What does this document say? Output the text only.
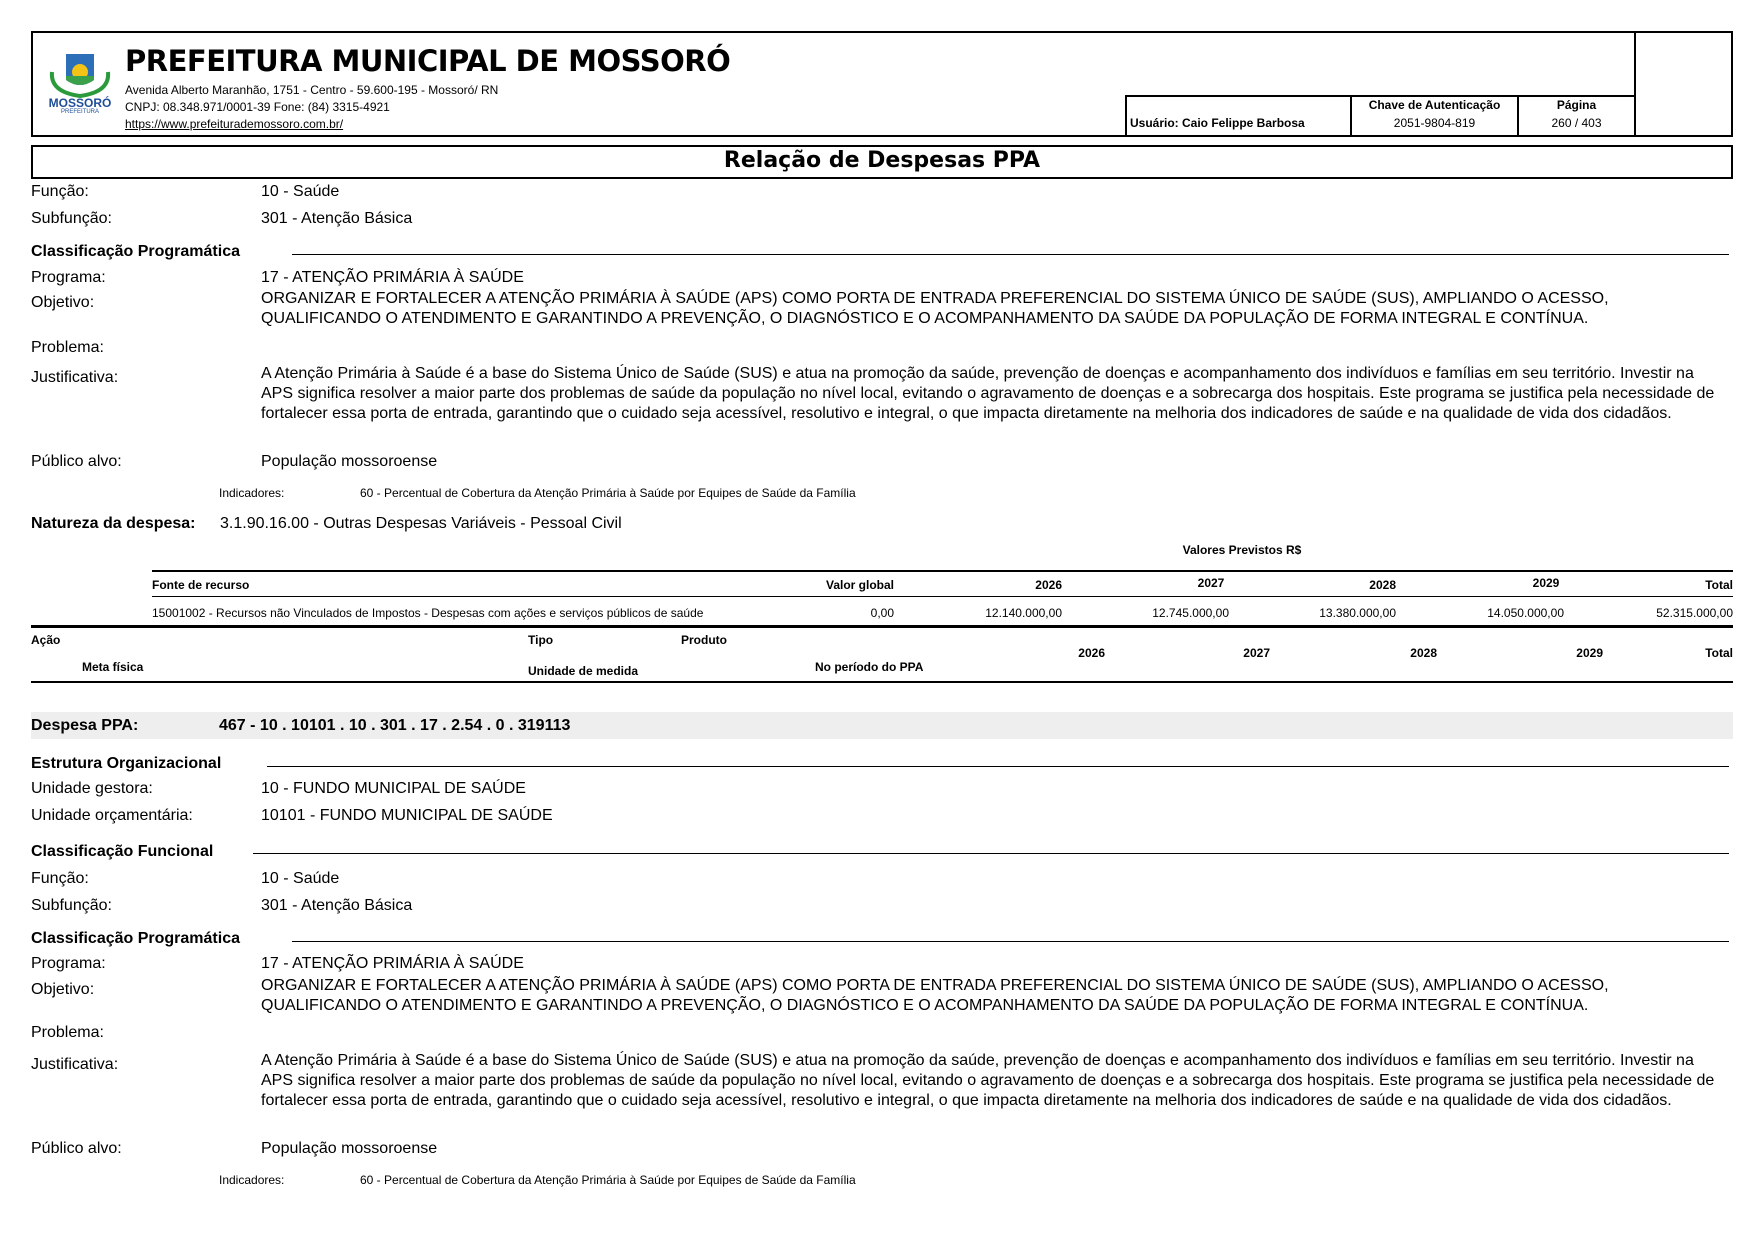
MOSSORÓ
PREFEITURA
PREFEITURA MUNICIPAL DE MOSSORÓ
Avenida Alberto Maranhão, 1751 - Centro - 59.600-195 - Mossoró/ RN
CNPJ: 08.348.971/0001-39 Fone: (84) 3315-4921
https://www.prefeiturademossoro.com.br/	Usuário: Caio Felippe Barbosa
Chave de Autenticação
2051-9804-819
Página
260 / 403
Relação de Despesas PPA
Função:	10 - Saúde
Subfunção:	301 - Atenção Básica
Classificação Programática
Programa:	17 - ATENÇÃO PRIMÁRIA À SAÚDE
Objetivo:	ORGANIZAR E FORTALECER A ATENÇÃO PRIMÁRIA À SAÚDE (APS) COMO PORTA DE ENTRADA PREFERENCIAL DO SISTEMA ÚNICO DE SAÚDE (SUS), AMPLIANDO O ACESSO, QUALIFICANDO O ATENDIMENTO E GARANTINDO A PREVENÇÃO, O DIAGNÓSTICO E O ACOMPANHAMENTO DA SAÚDE DA POPULAÇÃO DE FORMA INTEGRAL E CONTÍNUA.
Problema:
Justificativa:	A Atenção Primária à Saúde é a base do Sistema Único de Saúde (SUS) e atua na promoção da saúde, prevenção de doenças e acompanhamento dos indivíduos e famílias em seu território. Investir na APS significa resolver a maior parte dos problemas de saúde da população no nível local, evitando o agravamento de doenças e a sobrecarga dos hospitais. Este programa se justifica pela necessidade de fortalecer essa porta de entrada, garantindo que o cuidado seja acessível, resolutivo e integral, o que impacta diretamente na melhoria dos indicadores de saúde e na qualidade de vida dos cidadãos.
Público alvo:	População mossoroense
Indicadores:	60 - Percentual de Cobertura da Atenção Primária à Saúde por Equipes de Saúde da Família
Natureza da despesa: 3.1.90.16.00 - Outras Despesas Variáveis - Pessoal Civil
Valores Previstos R$
Fonte de recurso	Valor global	2026	2027	2028	2029	Total
15001002 - Recursos não Vinculados de Impostos - Despesas com ações e serviços públicos de saúde	0,00	12.140.000,00	12.745.000,00	13.380.000,00	14.050.000,00	52.315.000,00
Ação	Tipo	Produto
Meta física	Unidade de medida	No período do PPA
2026	2027	2028	2029	Total
Despesa PPA:	467 - 10 . 10101 . 10 . 301 . 17 . 2.54 . 0 . 319113
Estrutura Organizacional
Unidade gestora:	10 - FUNDO MUNICIPAL DE SAÚDE
Unidade orçamentária:	10101 - FUNDO MUNICIPAL DE SAÚDE
Classificação Funcional
Função:	10 - Saúde
Subfunção:	301 - Atenção Básica
Classificação Programática
Programa:	17 - ATENÇÃO PRIMÁRIA À SAÚDE
Objetivo:	ORGANIZAR E FORTALECER A ATENÇÃO PRIMÁRIA À SAÚDE (APS) COMO PORTA DE ENTRADA PREFERENCIAL DO SISTEMA ÚNICO DE SAÚDE (SUS), AMPLIANDO O ACESSO, QUALIFICANDO O ATENDIMENTO E GARANTINDO A PREVENÇÃO, O DIAGNÓSTICO E O ACOMPANHAMENTO DA SAÚDE DA POPULAÇÃO DE FORMA INTEGRAL E CONTÍNUA.
Problema:
Justificativa:	A Atenção Primária à Saúde é a base do Sistema Único de Saúde (SUS) e atua na promoção da saúde, prevenção de doenças e acompanhamento dos indivíduos e famílias em seu território. Investir na APS significa resolver a maior parte dos problemas de saúde da população no nível local, evitando o agravamento de doenças e a sobrecarga dos hospitais. Este programa se justifica pela necessidade de fortalecer essa porta de entrada, garantindo que o cuidado seja acessível, resolutivo e integral, o que impacta diretamente na melhoria dos indicadores de saúde e na qualidade de vida dos cidadãos.
Público alvo:	População mossoroense
Indicadores:	60 - Percentual de Cobertura da Atenção Primária à Saúde por Equipes de Saúde da Família
